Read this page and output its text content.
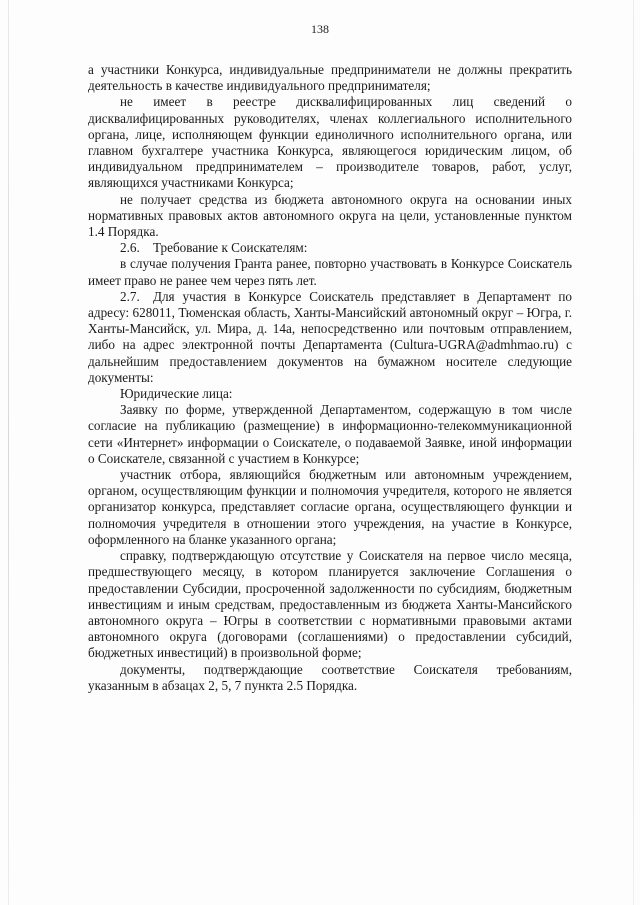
138

а участники Конкурса, индивидуальные предприниматели не должны прекратить деятельность в качестве индивидуального предпринимателя;

не имеет в реестре дисквалифицированных лиц сведений о дисквалифицированных руководителях, членах коллегиального исполнительного органа, лице, исполняющем функции единоличного исполнительного органа, или главном бухгалтере участника Конкурса, являющегося юридическим лицом, об индивидуальном предпринимателем – производителе товаров, работ, услуг, являющихся участниками Конкурса;

не получает средства из бюджета автономного округа на основании иных нормативных правовых актов автономного округа на цели, установленные пунктом 1.4 Порядка.

2.6. Требование к Соискателям:

в случае получения Гранта ранее, повторно участвовать в Конкурсе Соискатель имеет право не ранее чем через пять лет.

2.7. Для участия в Конкурсе Соискатель представляет в Департамент по адресу: 628011, Тюменская область, Ханты-Мансийский автономный округ – Югра, г. Ханты-Мансийск, ул. Мира, д. 14а, непосредственно или почтовым отправлением, либо на адрес электронной почты Департамента (Cultura-UGRA@admhmao.ru) с дальнейшим предоставлением документов на бумажном носителе следующие документы:

Юридические лица:

Заявку по форме, утвержденной Департаментом, содержащую в том числе согласие на публикацию (размещение) в информационно-телекоммуникационной сети «Интернет» информации о Соискателе, о подаваемой Заявке, иной информации о Соискателе, связанной с участием в Конкурсе;

участник отбора, являющийся бюджетным или автономным учреждением, органом, осуществляющим функции и полномочия учредителя, которого не является организатор конкурса, представляет согласие органа, осуществляющего функции и полномочия учредителя в отношении этого учреждения, на участие в Конкурсе, оформленного на бланке указанного органа;

справку, подтверждающую отсутствие у Соискателя на первое число месяца, предшествующего месяцу, в котором планируется заключение Соглашения о предоставлении Субсидии, просроченной задолженности по субсидиям, бюджетным инвестициям и иным средствам, предоставленным из бюджета Ханты-Мансийского автономного округа – Югры в соответствии с нормативными правовыми актами автономного округа (договорами (соглашениями) о предоставлении субсидий, бюджетных инвестиций) в произвольной форме;

документы, подтверждающие соответствие Соискателя требованиям, указанным в абзацах 2, 5, 7 пункта 2.5 Порядка.
